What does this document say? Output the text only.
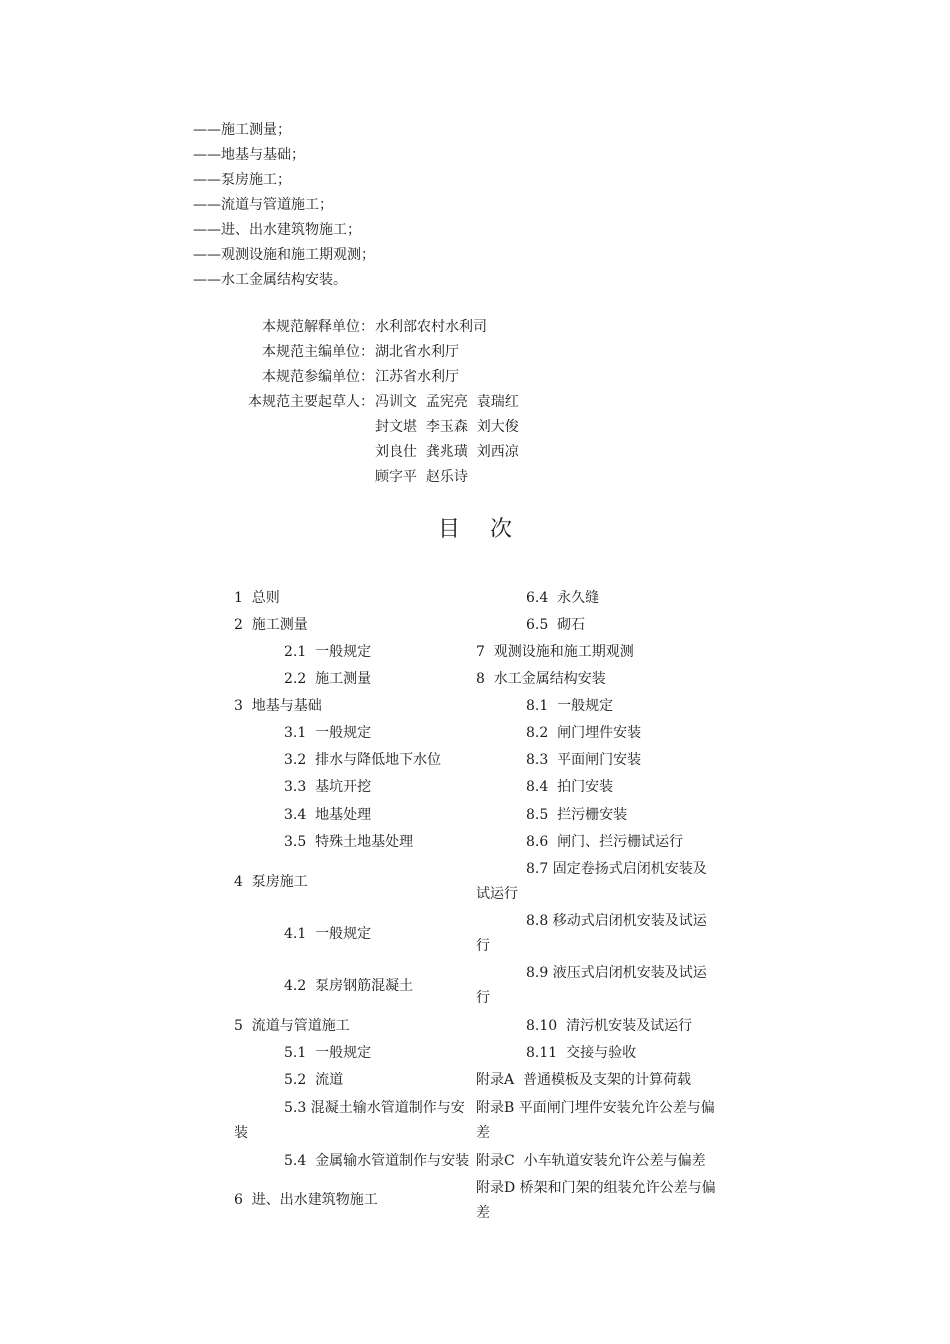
——施工测量；
——地基与基础；
——泵房施工；
——流道与管道施工；
——进、出水建筑物施工；
——观测设施和施工期观测；
——水工金属结构安装。
本规范解释单位： 水利部农村水利司
本规范主编单位： 湖北省水利厅
本规范参编单位： 江苏省水利厅
本规范主要起草人： 冯训文  孟宪亮  袁瑞红
封文堪  李玉森  刘大俊
刘良仕  龚兆璜  刘西凉
顾字平  赵乐诗
目次
1  总则
2  施工测量
2.1  一般规定
2.2  施工测量
3  地基与基础
3.1  一般规定
3.2  排水与降低地下水位
3.3  基坑开挖
3.4  地基处理
3.5  特殊土地基处理
4  泵房施工
4.1  一般规定
4.2  泵房钢筋混凝土
5  流道与管道施工
5.1  一般规定
5.2  流道
5.3 混凝土输水管道制作与安装
5.4  金属输水管道制作与安装
6  进、出水建筑物施工
6.4  永久缝
6.5  砌石
7  观测设施和施工期观测
8  水工金属结构安装
8.1  一般规定
8.2  闸门埋件安装
8.3  平面闸门安装
8.4  拍门安装
8.5  拦污栅安装
8.6  闸门、拦污栅试运行
8.7 固定卷扬式启闭机安装及试运行
8.8 移动式启闭机安装及试运行
8.9 液压式启闭机安装及试运行
8.10  清污机安装及试运行
8.11  交接与验收
附录A  普通模板及支架的计算荷载
附录B 平面闸门埋件安装允许公差与偏差
附录C  小车轨道安装允许公差与偏差
附录D 桥架和门架的组装允许公差与偏差
